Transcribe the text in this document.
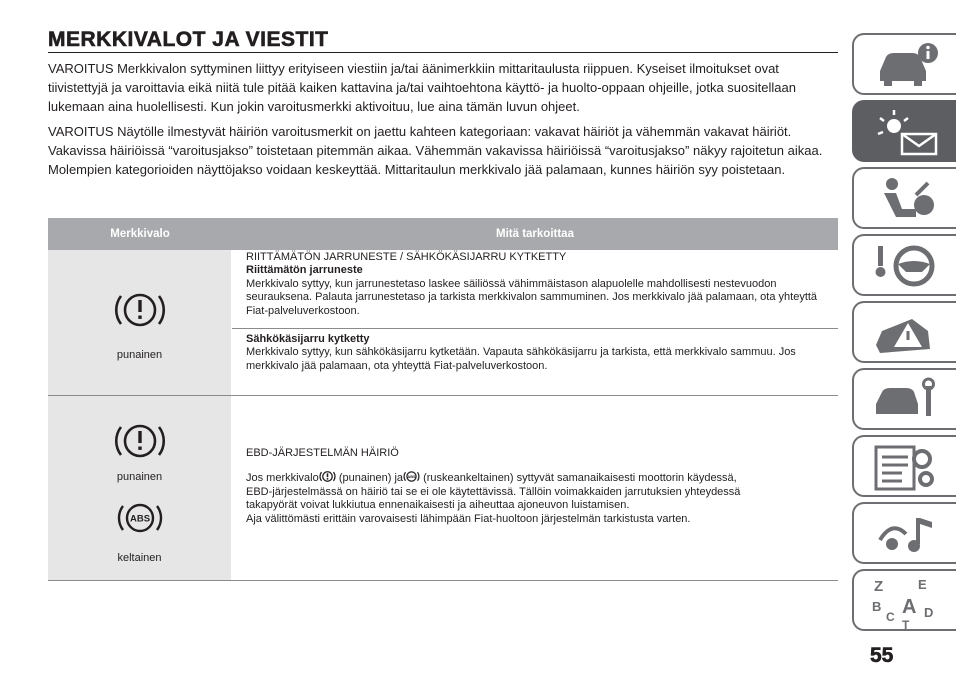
MERKKIVALOT JA VIESTIT

VAROITUS Merkkivalon syttyminen liittyy erityiseen viestiin ja/tai äänimerkkiin mittaritaulusta riippuen. Kyseiset ilmoitukset ovat tiivistettyjä ja varoittavia eikä niitä tule pitää kaiken kattavina ja/tai vaihtoehtona käyttö- ja huolto-oppaan ohjeille, jotka suositellaan lukemaan aina huolellisesti. Kun jokin varoitusmerkki aktivoituu, lue aina tämän luvun ohjeet.

VAROITUS Näytölle ilmestyvät häiriön varoitusmerkit on jaettu kahteen kategoriaan: vakavat häiriöt ja vähemmän vakavat häiriöt. Vakavissa häiriöissä “varoitusjakso” toistetaan pitemmän aikaa. Vähemmän vakavissa häiriöissä “varoitusjakso” näkyy rajoitetun aikaa. Molempien kategorioiden näyttöjakso voidaan keskeyttää. Mittaritaulun merkkivalo jää palamaan, kunnes häiriön syy poistetaan.

Merkkivalo	Mitä tarkoittaa
punainen
RIITTÄMÄTÖN JARRUNESTE / SÄHKÖKÄSIJARRU KYTKETTY
Riittämätön jarruneste
Merkkivalo syttyy, kun jarrunestetaso laskee säiliössä vähimmäistason alapuolelle mahdollisesti nestevuodon seurauksena. Palauta jarrunestetaso ja tarkista merkkivalon sammuminen. Jos merkkivalo jää palamaan, ota yhteyttä Fiat-palveluverkostoon.
Sähkökäsijarru kytketty
Merkkivalo syttyy, kun sähkökäsijarru kytketään. Vapauta sähkökäsijarru ja tarkista, että merkkivalo sammuu. Jos merkkivalo jää palamaan, ota yhteyttä Fiat-palveluverkostoon.
punainen
ABS
keltainen
EBD-JÄRJESTELMÄN HÄIRIÖ
Jos merkkivalo (punainen) ja ABS (ruskeankeltainen) syttyvät samanaikaisesti moottorin käydessä,
EBD-järjestelmässä on häiriö tai se ei ole käytettävissä. Tällöin voimakkaiden jarrutuksien yhteydessä
takapyörät voivat lukkiutua ennenaikaisesti ja aiheuttaa ajoneuvon luistamisen.
Aja välittömästi erittäin varovaisesti lähimpään Fiat-huoltoon järjestelmän tarkistusta varten.
Z	E
B A
C D
T
55
